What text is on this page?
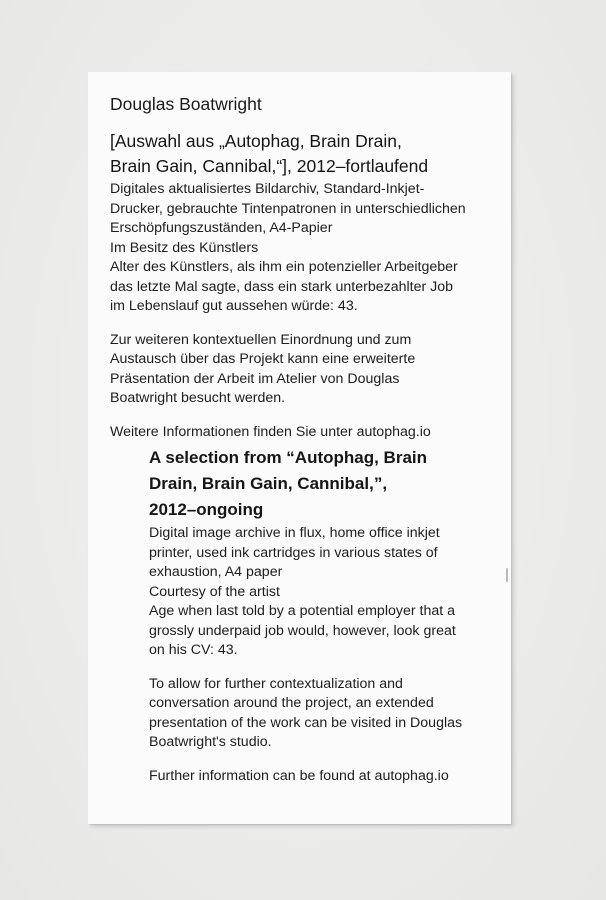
Douglas Boatwright
[Auswahl aus „Autophag, Brain Drain,
Brain Gain, Cannibal,“], 2012–fortlaufend

Digitales aktualisiertes Bildarchiv, Standard-Inkjet-

Drucker, gebrauchte Tintenpatronen in unterschiedlichen

Erschöpfungszuständen, A4-Papier

Im Besitz des Künstlers

Alter des Künstlers, als ihm ein potenzieller Arbeitgeber

das letzte Mal sagte, dass ein stark unterbezahlter Job

im Lebenslauf gut aussehen würde: 43.

Zur weiteren kontextuellen Einordnung und zum

Austausch über das Projekt kann eine erweiterte

Präsentation der Arbeit im Atelier von Douglas

Boatwright besucht werden.

Weitere Informationen finden Sie unter autophag.io

A selection from “Autophag, Brain
Drain, Brain Gain, Cannibal,”,
2012–ongoing

Digital image archive in flux, home office inkjet

printer, used ink cartridges in various states of

exhaustion, A4 paper

Courtesy of the artist

Age when last told by a potential employer that a

grossly underpaid job would, however, look great

on his CV: 43.

To allow for further contextualization and

conversation around the project, an extended

presentation of the work can be visited in Douglas

Boatwright's studio.

Further information can be found at autophag.io
